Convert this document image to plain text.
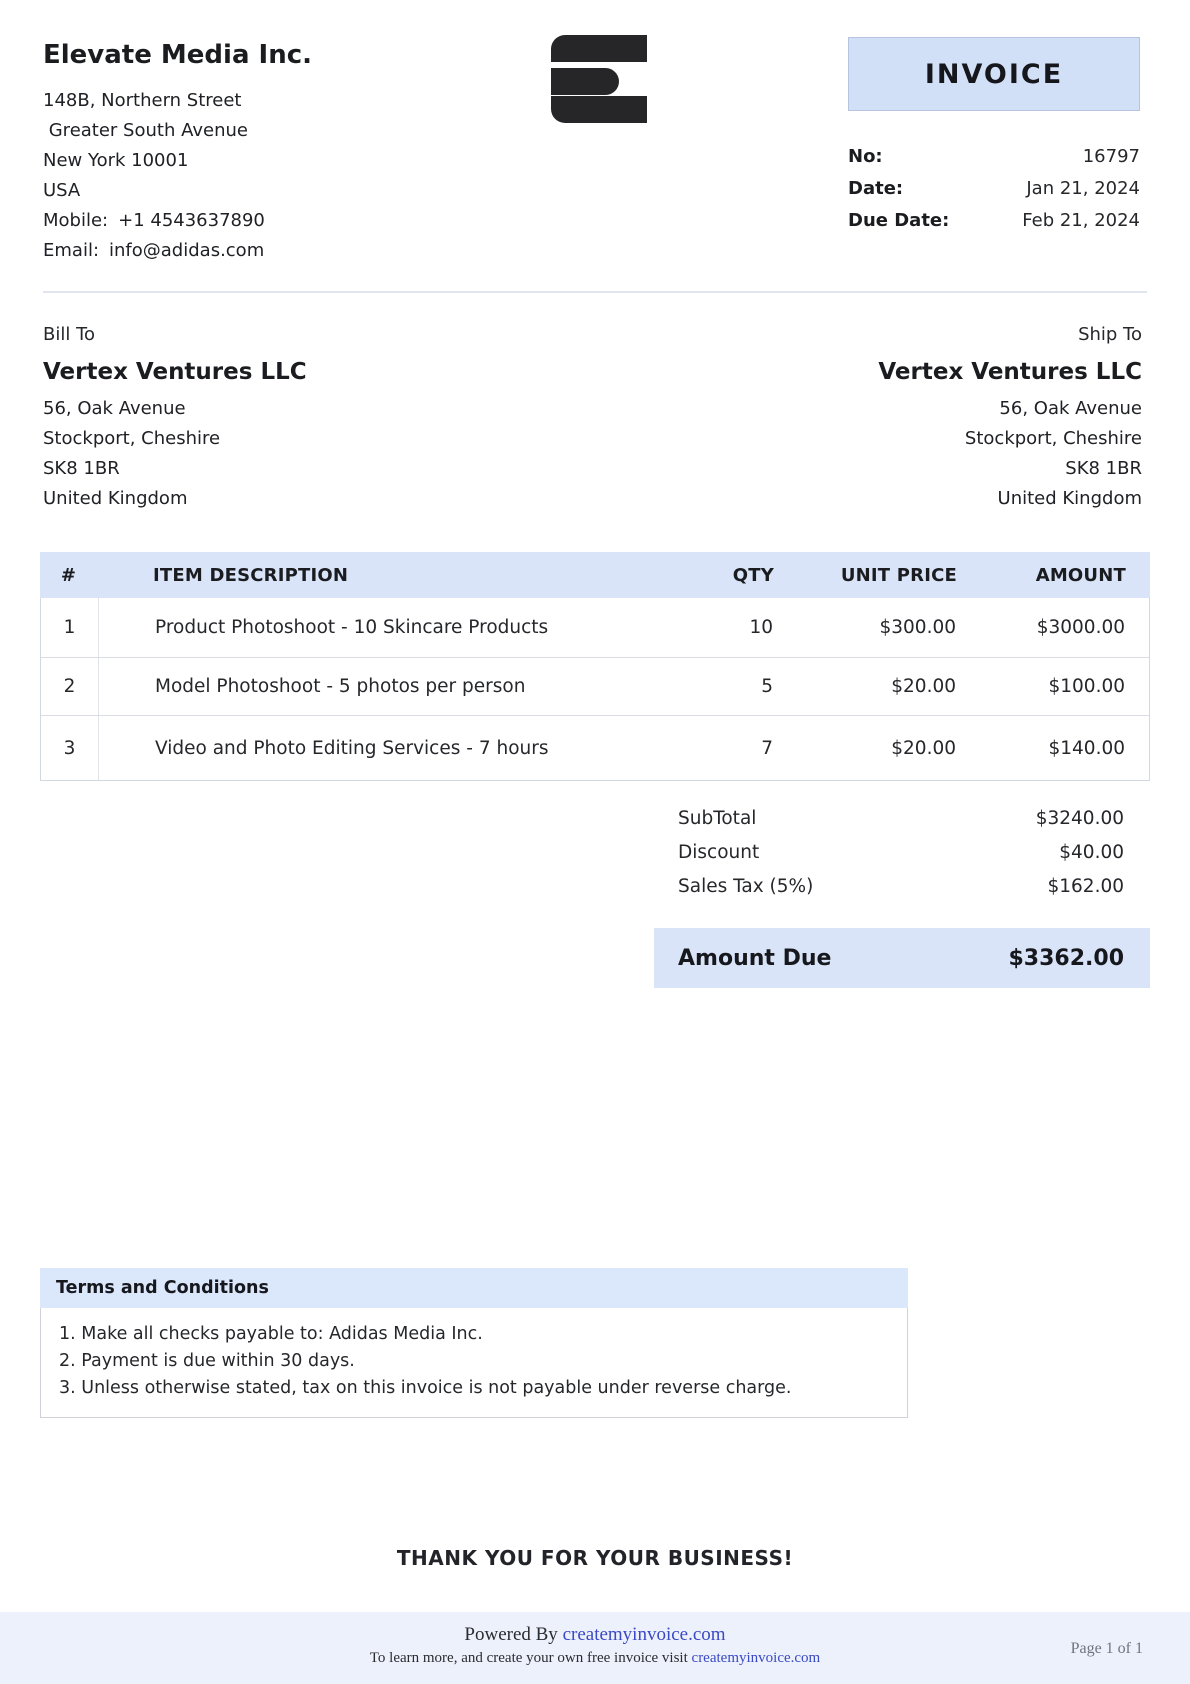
Elevate Media Inc.
148B, Northern Street
Greater South Avenue
New York 10001
USA
Mobile: +1 4543637890
Email: info@adidas.com
INVOICE
No:	16797
Date:	Jan 21, 2024
Due Date:	Feb 21, 2024
Bill To
Vertex Ventures LLC
56, Oak Avenue
Stockport, Cheshire
SK8 1BR
United Kingdom
Ship To
Vertex Ventures LLC
56, Oak Avenue
Stockport, Cheshire
SK8 1BR
United Kingdom
#	ITEM DESCRIPTION	QTY	UNIT PRICE	AMOUNT
1	Product Photoshoot - 10 Skincare Products	10	$300.00	$3000.00
2	Model Photoshoot - 5 photos per person	5	$20.00	$100.00
3	Video and Photo Editing Services - 7 hours	7	$20.00	$140.00
SubTotal	$3240.00
Discount	$40.00
Sales Tax (5%)	$162.00
Amount Due	$3362.00
Terms and Conditions
1. Make all checks payable to: Adidas Media Inc.
2. Payment is due within 30 days.
3. Unless otherwise stated, tax on this invoice is not payable under reverse charge.
THANK YOU FOR YOUR BUSINESS!
Powered By createmyinvoice.com
To learn more, and create your own free invoice visit createmyinvoice.com
Page 1 of 1
